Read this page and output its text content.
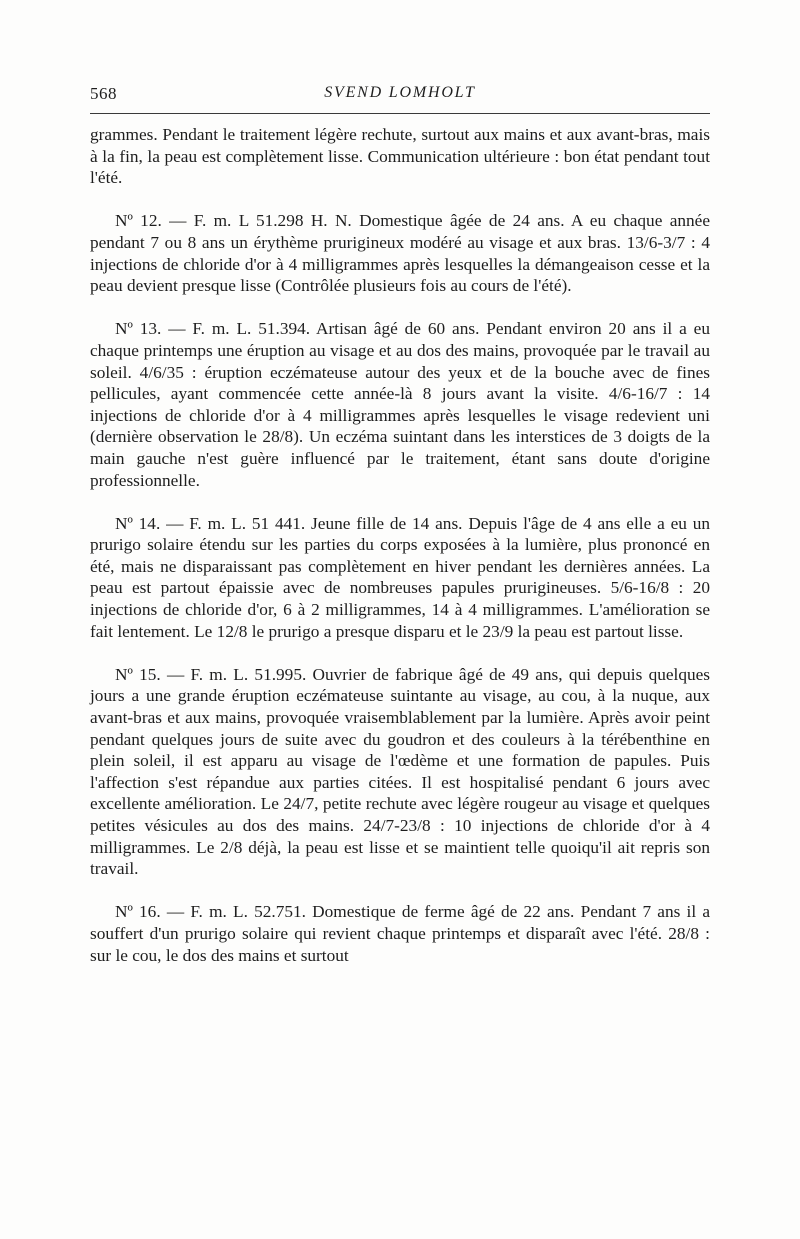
568	SVEND LOMHOLT

grammes. Pendant le traitement légère rechute, surtout aux mains et aux avant-bras, mais à la fin, la peau est complètement lisse. Communication ultérieure : bon état pendant tout l'été.

Nº 12. — F. m. L 51.298 H. N. Domestique âgée de 24 ans. A eu chaque année pendant 7 ou 8 ans un érythème prurigineux modéré au visage et aux bras. 13/6-3/7 : 4 injections de chloride d'or à 4 milligrammes après lesquelles la démangeaison cesse et la peau devient presque lisse (Contrôlée plusieurs fois au cours de l'été).

Nº 13. — F. m. L. 51.394. Artisan âgé de 60 ans. Pendant environ 20 ans il a eu chaque printemps une éruption au visage et au dos des mains, provoquée par le travail au soleil. 4/6/35 : éruption eczémateuse autour des yeux et de la bouche avec de fines pellicules, ayant commencée cette année-là 8 jours avant la visite. 4/6-16/7 : 14 injections de chloride d'or à 4 milligrammes après lesquelles le visage redevient uni (dernière observation le 28/8). Un eczéma suintant dans les interstices de 3 doigts de la main gauche n'est guère influencé par le traitement, étant sans doute d'origine professionnelle.

Nº 14. — F. m. L. 51 441. Jeune fille de 14 ans. Depuis l'âge de 4 ans elle a eu un prurigo solaire étendu sur les parties du corps exposées à la lumière, plus prononcé en été, mais ne disparaissant pas complètement en hiver pendant les dernières années. La peau est partout épaissie avec de nombreuses papules prurigineuses. 5/6-16/8 : 20 injections de chloride d'or, 6 à 2 milligrammes, 14 à 4 milligrammes. L'amélioration se fait lentement. Le 12/8 le prurigo a presque disparu et le 23/9 la peau est partout lisse.

Nº 15. — F. m. L. 51.995. Ouvrier de fabrique âgé de 49 ans, qui depuis quelques jours a une grande éruption eczémateuse suintante au visage, au cou, à la nuque, aux avant-bras et aux mains, provoquée vraisemblablement par la lumière. Après avoir peint pendant quelques jours de suite avec du goudron et des couleurs à la térébenthine en plein soleil, il est apparu au visage de l'œdème et une formation de papules. Puis l'affection s'est répandue aux parties citées. Il est hospitalisé pendant 6 jours avec excellente amélioration. Le 24/7, petite rechute avec légère rougeur au visage et quelques petites vésicules au dos des mains. 24/7-23/8 : 10 injections de chloride d'or à 4 milligrammes. Le 2/8 déjà, la peau est lisse et se maintient telle quoiqu'il ait repris son travail.

Nº 16. — F. m. L. 52.751. Domestique de ferme âgé de 22 ans. Pendant 7 ans il a souffert d'un prurigo solaire qui revient chaque printemps et disparaît avec l'été. 28/8 : sur le cou, le dos des mains et surtout
